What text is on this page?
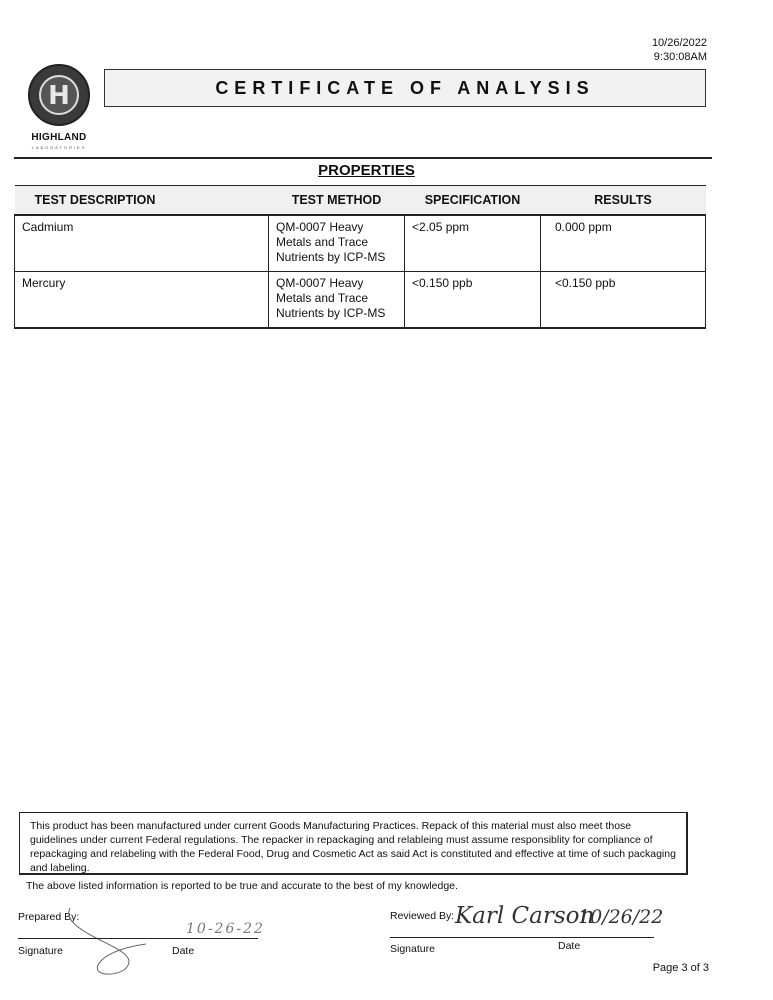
10/26/2022
9:30:08AM
H
HIGHLAND
LABORATORIES
CERTIFICATE OF ANALYSIS
PROPERTIES
TEST DESCRIPTION	TEST METHOD	SPECIFICATION	RESULTS
Cadmium	QM-0007 Heavy Metals and Trace Nutrients by ICP-MS	<2.05 ppm	0.000 ppm
Mercury	QM-0007 Heavy Metals and Trace Nutrients by ICP-MS	<0.150 ppb	<0.150 ppb
This product has been manufactured under current Goods Manufacturing Practices. Repack of this material must also meet those guidelines under current Federal regulations. The repacker in repackaging and relableing must assume responsiblity for compliance of repackaging and relabeling with the Federal Food, Drug and Cosmetic Act as said Act is constituted and effective at time of such packaging and labeling.
The above listed information is reported to be true and accurate to the best of my knowledge.
Prepared By:
10-26-22
Signature	Date
Reviewed By: Karl Carson
10/26/22
Signature	Date
Page 3 of 3
